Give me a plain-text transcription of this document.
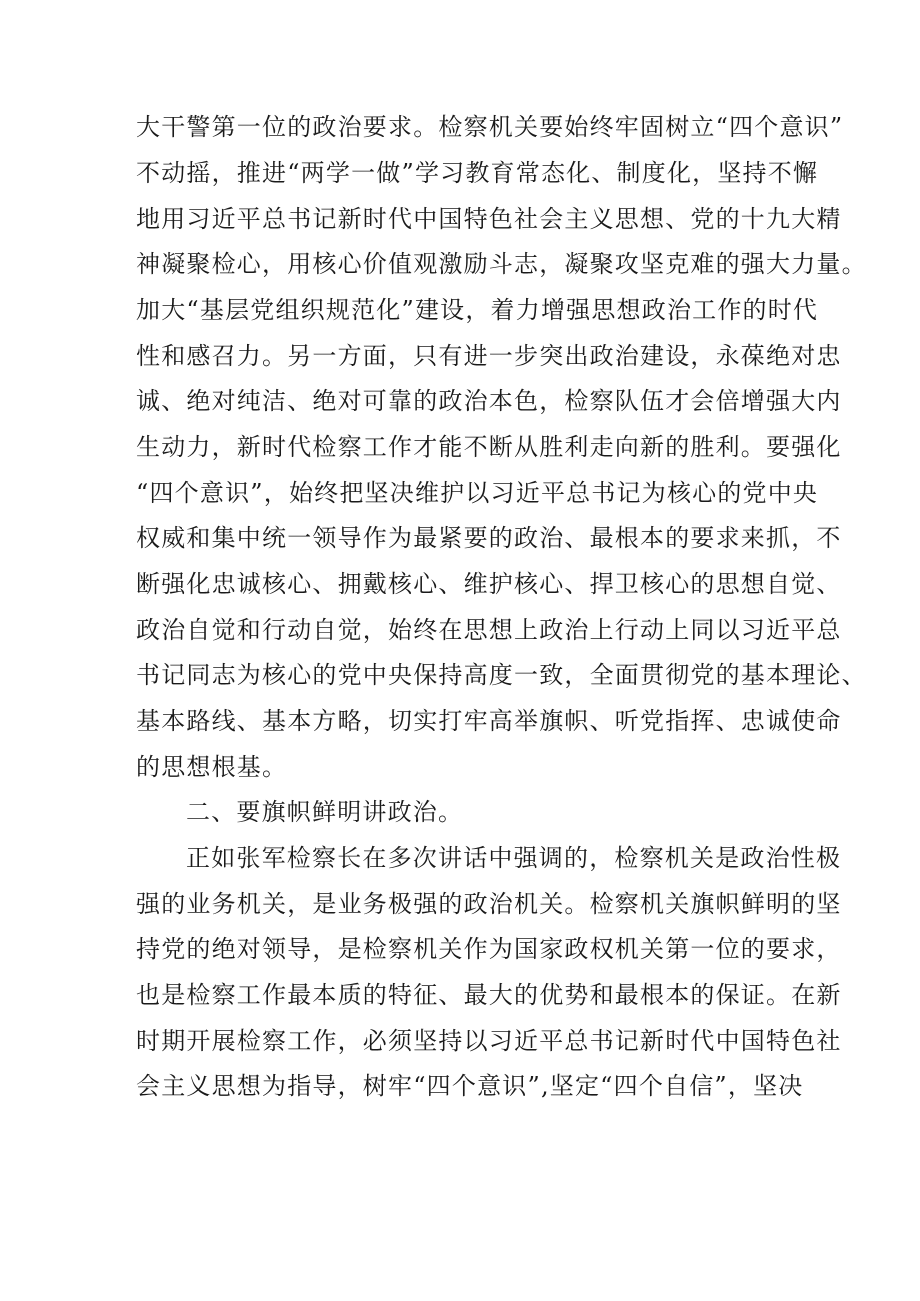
大干警第一位的政治要求。检察机关要始终牢固树立“四个意识”
不动摇，推进“两学一做”学习教育常态化、制度化，坚持不懈
地用习近平总书记新时代中国特色社会主义思想、党的十九大精
神凝聚检心，用核心价值观激励斗志，凝聚攻坚克难的强大力量。
加大“基层党组织规范化”建设，着力增强思想政治工作的时代
性和感召力。另一方面，只有进一步突出政治建设，永葆绝对忠
诚、绝对纯洁、绝对可靠的政治本色，检察队伍才会倍增强大内
生动力，新时代检察工作才能不断从胜利走向新的胜利。要强化
“四个意识”，始终把坚决维护以习近平总书记为核心的党中央
权威和集中统一领导作为最紧要的政治、最根本的要求来抓，不
断强化忠诚核心、拥戴核心、维护核心、捍卫核心的思想自觉、
政治自觉和行动自觉，始终在思想上政治上行动上同以习近平总
书记同志为核心的党中央保持高度一致，全面贯彻党的基本理论、
基本路线、基本方略，切实打牢高举旗帜、听党指挥、忠诚使命
的思想根基。
二、要旗帜鲜明讲政治。
正如张军检察长在多次讲话中强调的，检察机关是政治性极
强的业务机关，是业务极强的政治机关。检察机关旗帜鲜明的坚
持党的绝对领导，是检察机关作为国家政权机关第一位的要求，
也是检察工作最本质的特征、最大的优势和最根本的保证。在新
时期开展检察工作，必须坚持以习近平总书记新时代中国特色社
会主义思想为指导，树牢“四个意识”,坚定“四个自信”，坚决
